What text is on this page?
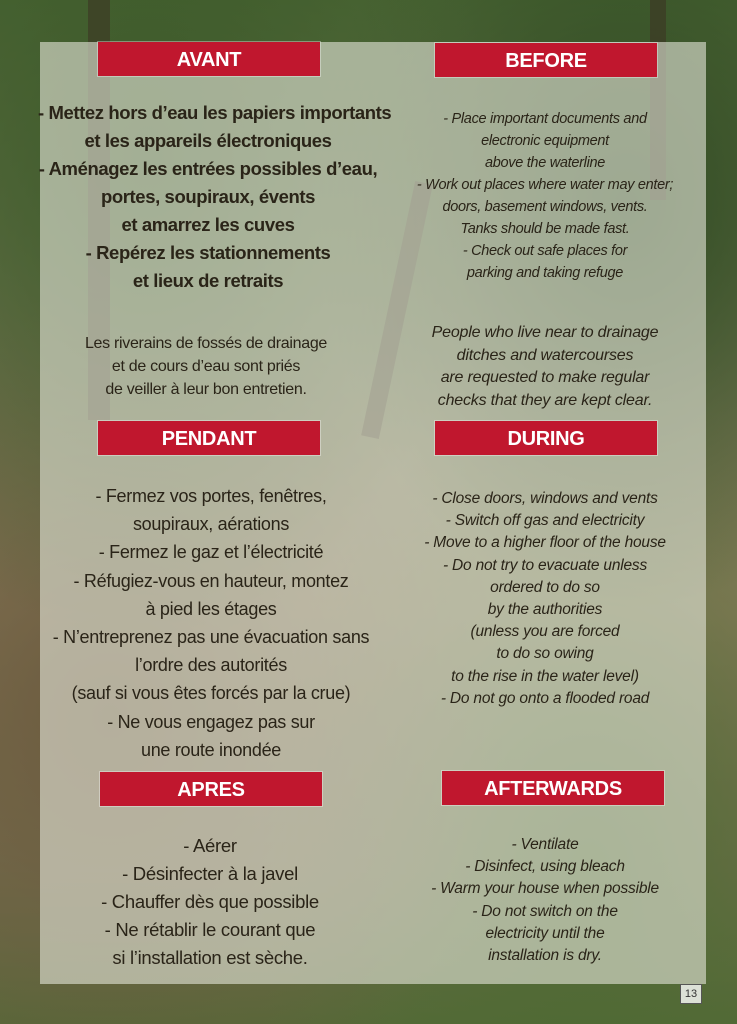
AVANT
- Mettez hors d’eau les papiers importants
et les appareils électroniques
- Aménagez les entrées possibles d’eau,
portes, soupiraux, évents
et amarrez les cuves
- Repérez les stationnements
et lieux de retraits
Les riverains de fossés de drainage
et de cours d’eau sont priés
de veiller à leur bon entretien.
BEFORE
- Place important documents and
electronic equipment
above the waterline
- Work out places where water may enter;
doors, basement windows, vents.
Tanks should be made fast.
- Check out safe places for
parking and taking refuge
People who live near to drainage
ditches and watercourses
are requested to make regular
checks that they are kept clear.
PENDANT
- Fermez vos portes, fenêtres,
soupiraux, aérations
- Fermez le gaz et l’électricité
- Réfugiez-vous en hauteur, montez
à pied les étages
- N’entreprenez pas une évacuation sans
l’ordre des autorités
(sauf si vous êtes forcés par la crue)
- Ne vous engagez pas sur
une route inondée
DURING
- Close doors, windows and vents
- Switch off gas and electricity
- Move to a higher floor of the house
- Do not try to evacuate unless
ordered to do so
by the authorities
(unless you are forced
to do so owing
to the rise in the water level)
- Do not go onto a flooded road
APRES
- Aérer
- Désinfecter à la javel
- Chauffer dès que possible
- Ne rétablir le courant que
si l’installation est sèche.
AFTERWARDS
- Ventilate
- Disinfect, using bleach
- Warm your house when possible
- Do not switch on the
electricity until the
installation is dry.
13
